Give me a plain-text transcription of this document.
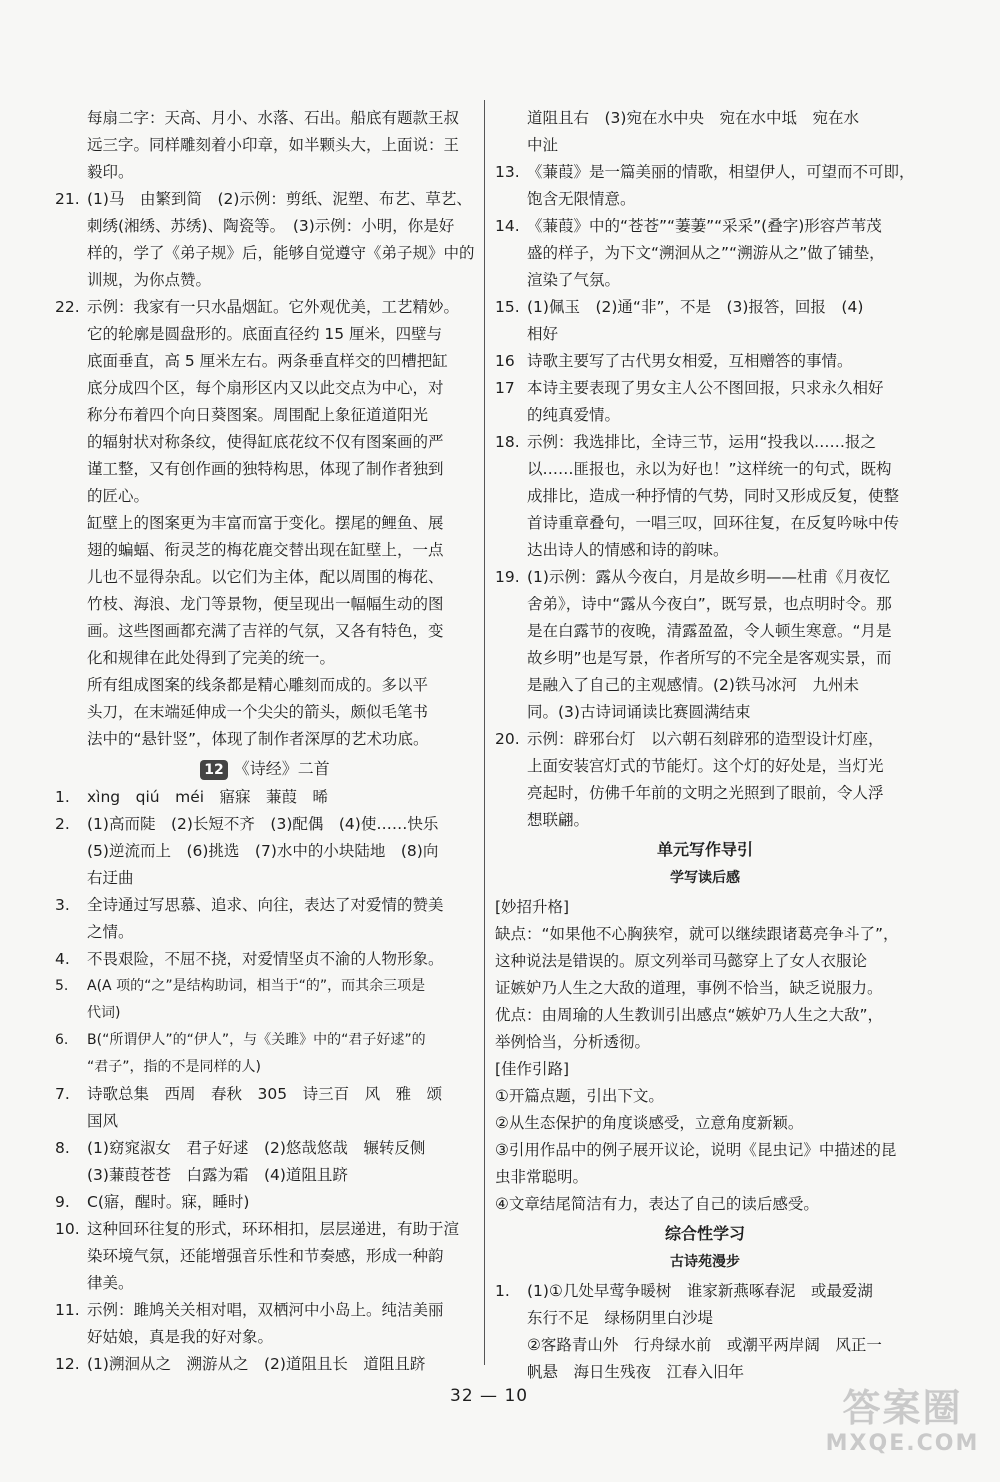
每扇二字：天高、月小、水落、石出。船底有题款王叔
远三字。同样雕刻着小印章，如半颗头大，上面说：王
毅印。
21. (1)马　由繁到简　(2)示例：剪纸、泥塑、布艺、草艺、
刺绣(湘绣、苏绣)、陶瓷等。　(3)示例：小明，你是好
样的，学了《弟子规》后，能够自觉遵守《弟子规》中的
训规，为你点赞。
22. 示例：我家有一只水晶烟缸。它外观优美，工艺精妙。
它的轮廓是圆盘形的。底面直径约 15 厘米，四壁与
底面垂直，高 5 厘米左右。两条垂直样交的凹槽把缸
底分成四个区，每个扇形区内又以此交点为中心，对
称分布着四个向日葵图案。周围配上象征道道阳光
的辐射状对称条纹，使得缸底花纹不仅有图案画的严
谨工整，又有创作画的独特构思，体现了制作者独到
的匠心。
缸壁上的图案更为丰富而富于变化。摆尾的鲤鱼、展
翅的蝙蝠、衔灵芝的梅花鹿交替出现在缸壁上，一点
儿也不显得杂乱。以它们为主体，配以周围的梅花、
竹枝、海浪、龙门等景物，便呈现出一幅幅生动的图
画。这些图画都充满了吉祥的气氛，又各有特色，变
化和规律在此处得到了完美的统一。
所有组成图案的线条都是精心雕刻而成的。多以平
头刀，在末端延伸成一个尖尖的箭头，颇似毛笔书
法中的“悬针竖”，体现了制作者深厚的艺术功底。
12 《诗经》二首
1.	xìng　qiú　méi　寤寐　蒹葭　晞
2.	(1)高而陡　(2)长短不齐　(3)配偶　(4)使……快乐
(5)逆流而上　(6)挑选　(7)水中的小块陆地　(8)向
右迂曲
3.	全诗通过写思慕、追求、向往，表达了对爱情的赞美
之情。
4.	不畏艰险，不屈不挠，对爱情坚贞不渝的人物形象。
5.	A(A 项的“之”是结构助词，相当于“的”，而其余三项是
代词)
6.	B(“所谓伊人”的“伊人”，与《关雎》中的“君子好逑”的
“君子”，指的不是同样的人)
7.	诗歌总集　西周　春秋　305　诗三百　风　雅　颂
国风
8.	(1)窈窕淑女　君子好逑　(2)悠哉悠哉　辗转反侧
(3)蒹葭苍苍　白露为霜　(4)道阻且跻
9.	C(寤，醒时。寐，睡时)
10. 这种回环往复的形式，环环相扣，层层递进，有助于渲
染环境气氛，还能增强音乐性和节奏感，形成一种韵
律美。
11. 示例：雎鸠关关相对唱，双栖河中小岛上。纯洁美丽
好姑娘，真是我的好对象。
12. (1)溯洄从之　溯游从之　(2)道阻且长　道阻且跻
道阻且右　(3)宛在水中央　宛在水中坻　宛在水
中沚
13. 《蒹葭》是一篇美丽的情歌，相望伊人，可望而不可即，
饱含无限情意。
14. 《蒹葭》中的“苍苍”“萋萋”“采采”(叠字)形容芦苇茂
盛的样子，为下文“溯洄从之”“溯游从之”做了铺垫，
渲染了气氛。
15. (1)佩玉　(2)通“非”，不是　(3)报答，回报　(4)
相好
16 诗歌主要写了古代男女相爱，互相赠答的事情。
17 本诗主要表现了男女主人公不图回报，只求永久相好
的纯真爱情。
18. 示例：我选排比，全诗三节，运用“投我以……报之
以……匪报也，永以为好也！”这样统一的句式，既构
成排比，造成一种抒情的气势，同时又形成反复，使整
首诗重章叠句，一唱三叹，回环往复，在反复吟咏中传
达出诗人的情感和诗的韵味。
19. (1)示例：露从今夜白，月是故乡明——杜甫《月夜忆
舍弟》，诗中“露从今夜白”，既写景，也点明时令。那
是在白露节的夜晚，清露盈盈，令人顿生寒意。“月是
故乡明”也是写景，作者所写的不完全是客观实景，而
是融入了自己的主观感情。(2)铁马冰河　九州未
同。(3)古诗词诵读比赛圆满结束
20. 示例：辟邪台灯　以六朝石刻辟邪的造型设计灯座，
上面安装宫灯式的节能灯。这个灯的好处是，当灯光
亮起时，仿佛千年前的文明之光照到了眼前，令人浮
想联翩。
单元写作导引
学写读后感
[妙招升格]
缺点：“如果他不心胸狭窄，就可以继续跟诸葛亮争斗了”，
这种说法是错误的。原文列举司马懿穿上了女人衣服论
证嫉妒乃人生之大敌的道理，事例不恰当，缺乏说服力。
优点：由周瑜的人生教训引出感点“嫉妒乃人生之大敌”，
举例恰当，分析透彻。
[佳作引路]
①开篇点题，引出下文。
②从生态保护的角度谈感受，立意角度新颖。
③引用作品中的例子展开议论，说明《昆虫记》中描述的昆
虫非常聪明。
④文章结尾简洁有力，表达了自己的读后感受。
综合性学习
古诗苑漫步
1.	(1)①几处早莺争暖树　谁家新燕啄春泥　或最爱湖
东行不足　绿杨阴里白沙堤
②客路青山外　行舟绿水前　或潮平两岸阔　风正一
帆悬　海日生残夜　江春入旧年
32 — 10	答案圈
MXQE.COM
